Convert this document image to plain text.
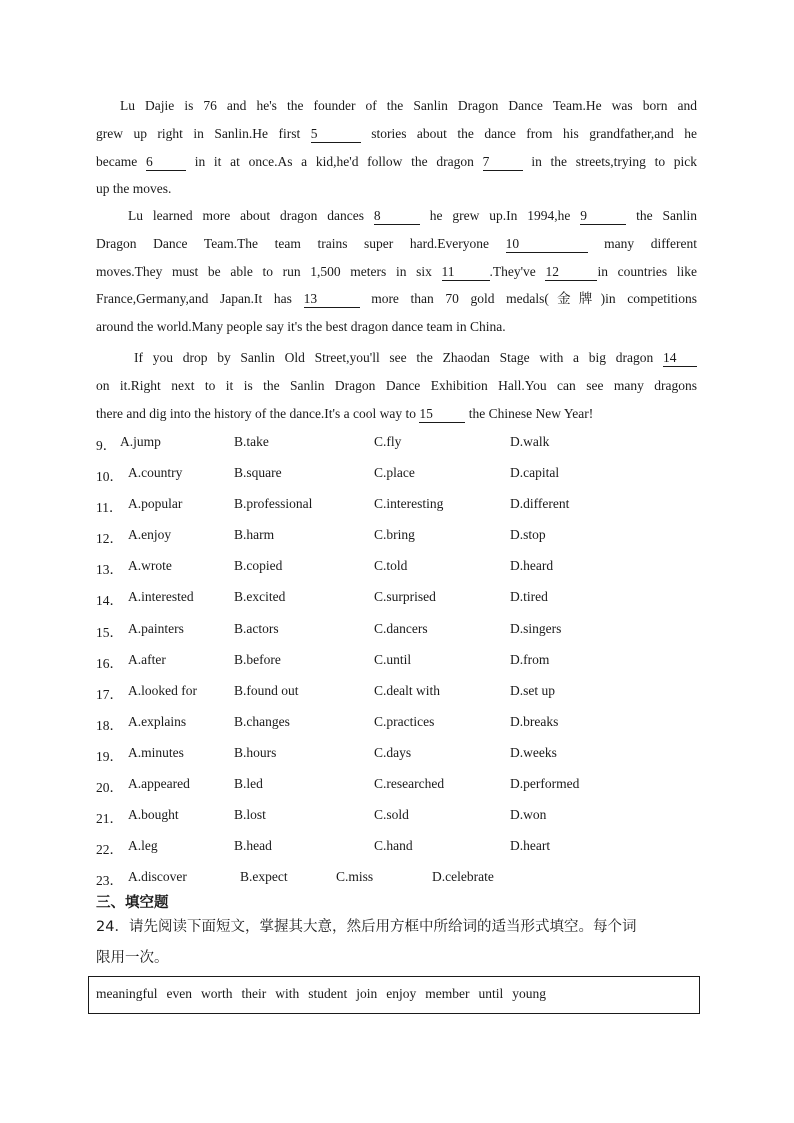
Lu Dajie is 76 and he's the founder of the Sanlin Dragon Dance Team.He was born and
grew up right in Sanlin.He first 5	stories about the dance from his grandfather,and he
became 6	in it at once.As a kid,he'd follow the dragon 7	in the streets,trying to pick
up the moves.
Lu learned more about dragon dances 8	he grew up.In 1994,he 9	the Sanlin
Dragon Dance Team.The team trains super hard.Everyone 10	many different
moves.They must be able to run 1,500 meters in six 11	.They've 12	in countries like
France,Germany,and Japan.It has 13	more than 70 gold medals(金牌)in competitions
around the world.Many people say it's the best dragon dance team in China.
If you drop by Sanlin Old Street,you'll see the Zhaodan Stage with a big dragon 14
on it.Right next to it is the Sanlin Dragon Dance Exhibition Hall.You can see many dragons
there and dig into the history of the dance.It's a cool way to 15	the Chinese New Year!
9． A.jump	B.take	C.fly	D.walk
10． A.country	B.square	C.place	D.capital
11． A.popular	B.professional	C.interesting	D.different
12． A.enjoy	B.harm	C.bring	D.stop
13． A.wrote	B.copied	C.told	D.heard
14． A.interested	B.excited	C.surprised	D.tired
15． A.painters	B.actors	C.dancers	D.singers
16． A.after	B.before	C.until	D.from
17． A.looked for	B.found out	C.dealt with	D.set up
18． A.explains	B.changes	C.practices	D.breaks
19． A.minutes	B.hours	C.days	D.weeks
20． A.appeared	B.led	C.researched	D.performed
21． A.bought	B.lost	C.sold	D.won
22． A.leg	B.head	C.hand	D.heart
23． A.discover	B.expect	C.miss	D.celebrate
三、填空题
24．请先阅读下面短文，掌握其大意，然后用方框中所给词的适当形式填空。每个词
限用一次。
meaningful even worth their with student join enjoy member until young
